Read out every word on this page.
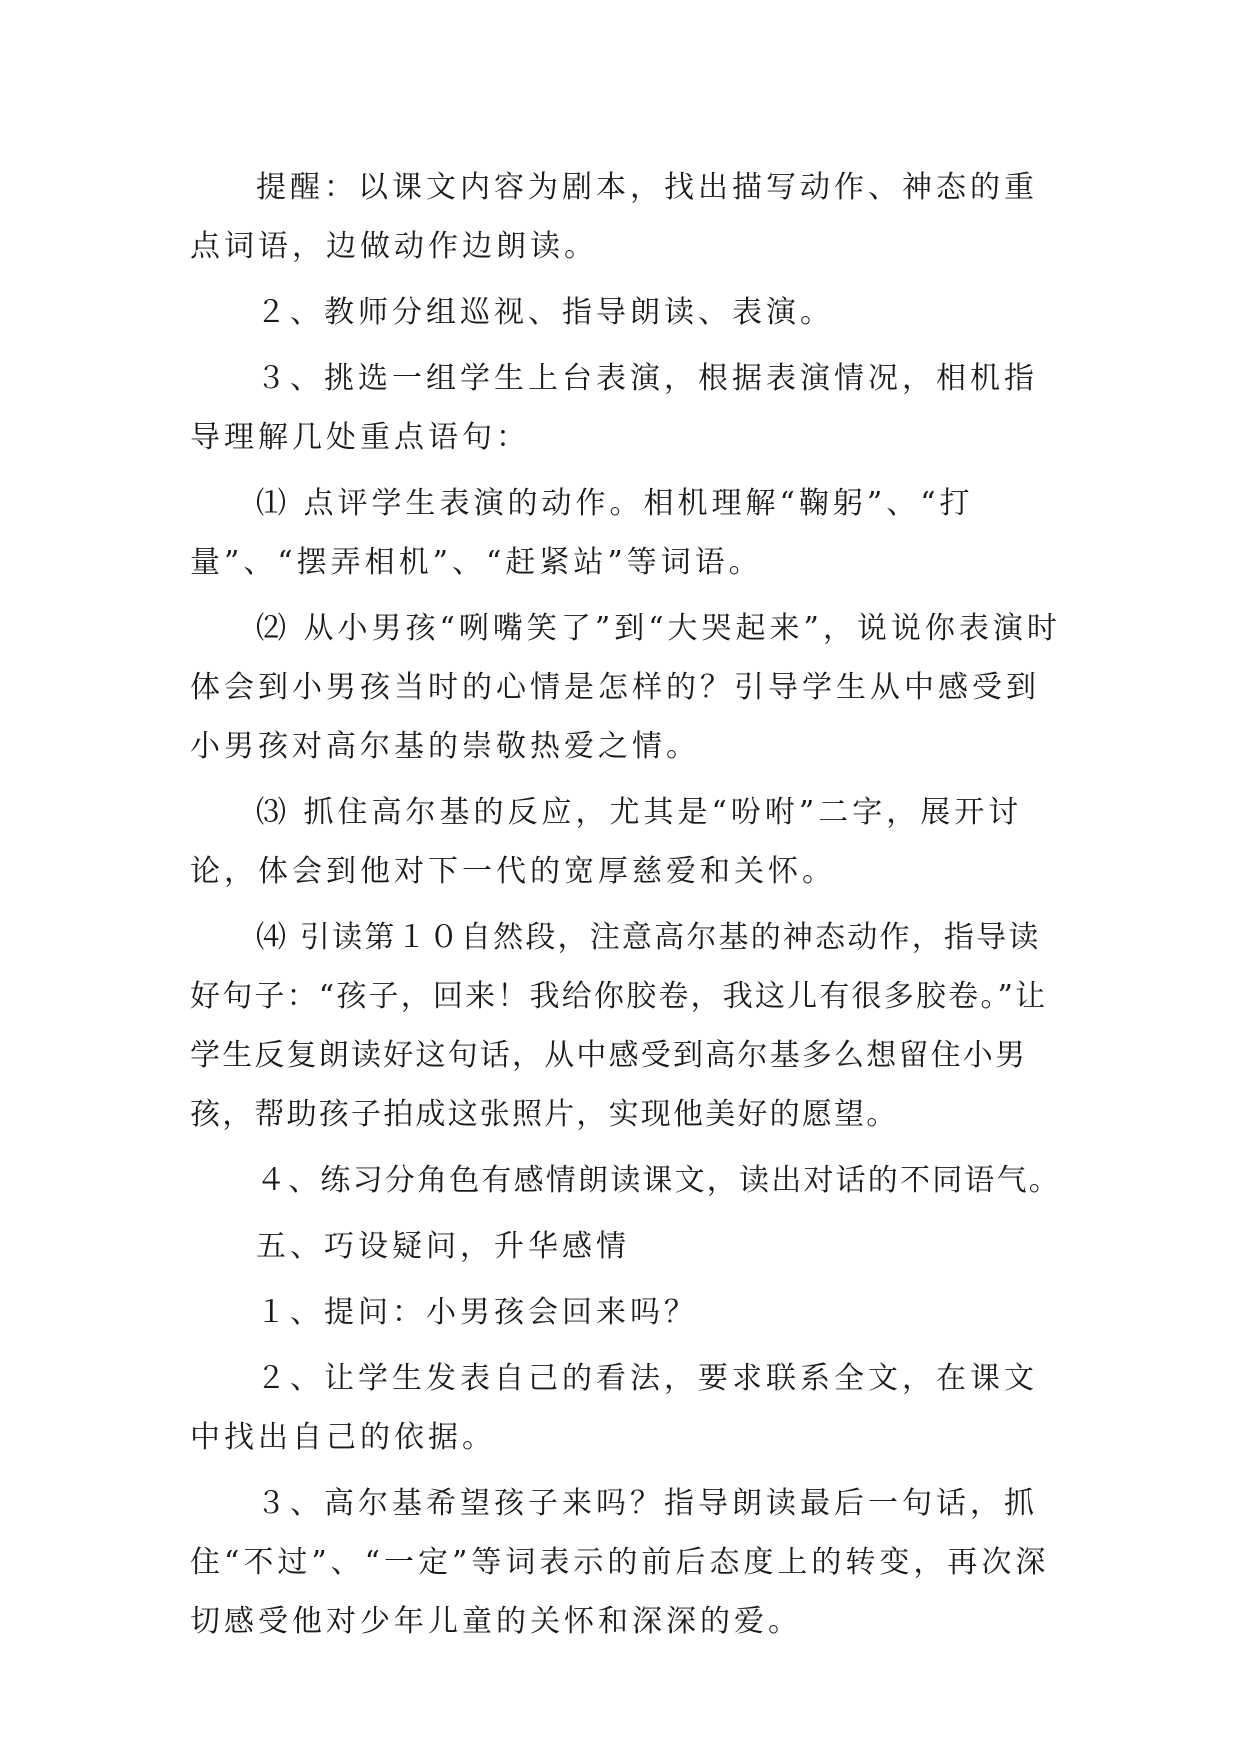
提醒：以课文内容为剧本，找出描写动作、神态的重点词语，边做动作边朗读。

２、教师分组巡视、指导朗读、表演。

３、挑选一组学生上台表演，根据表演情况，相机指导理解几处重点语句：

⑴ 点评学生表演的动作。相机理解“鞠躬”、“打量”、“摆弄相机”、“赶紧站”等词语。

⑵ 从小男孩“咧嘴笑了”到“大哭起来”，说说你表演时体会到小男孩当时的心情是怎样的？引导学生从中感受到小男孩对高尔基的崇敬热爱之情。

⑶ 抓住高尔基的反应，尤其是“吩咐”二字，展开讨论，体会到他对下一代的宽厚慈爱和关怀。

⑷ 引读第１０自然段，注意高尔基的神态动作，指导读好句子：“孩子，回来！我给你胶卷，我这儿有很多胶卷。”让学生反复朗读好这句话，从中感受到高尔基多么想留住小男孩，帮助孩子拍成这张照片，实现他美好的愿望。

４、练习分角色有感情朗读课文，读出对话的不同语气。

五、巧设疑问，升华感情

１、提问：小男孩会回来吗？

２、让学生发表自己的看法，要求联系全文，在课文中找出自己的依据。

３、高尔基希望孩子来吗？指导朗读最后一句话，抓住“不过”、“一定”等词表示的前后态度上的转变，再次深切感受他对少年儿童的关怀和深深的爱。
